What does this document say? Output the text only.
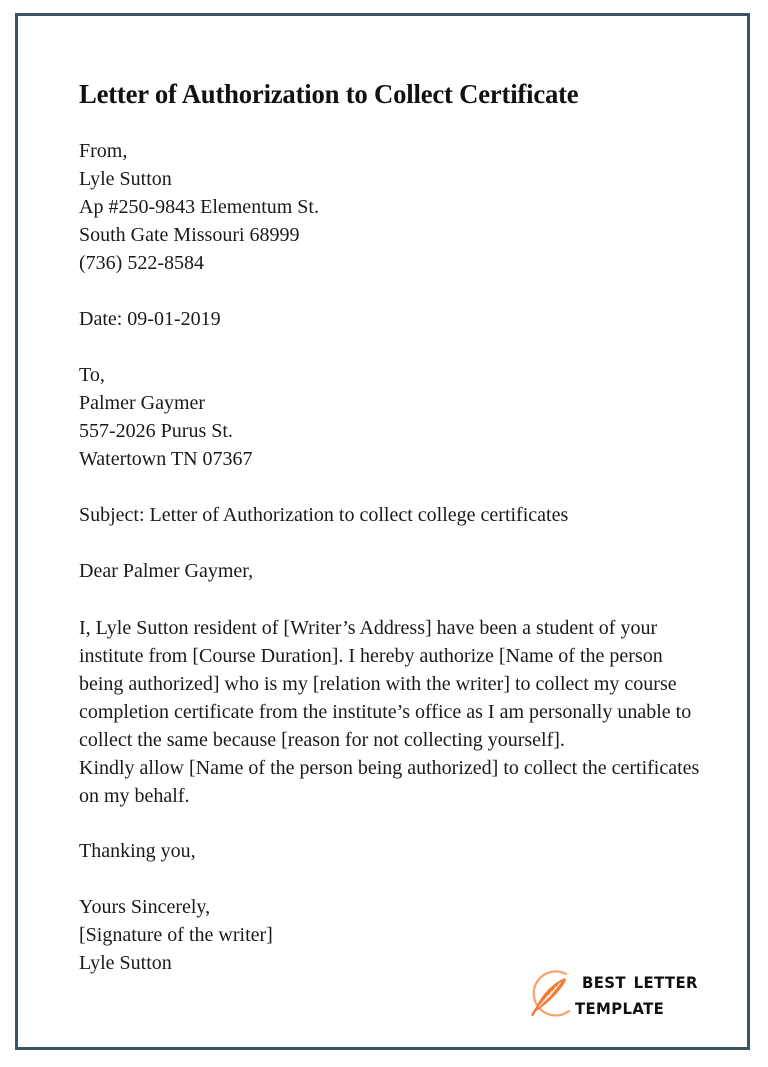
Letter of Authorization to Collect Certificate
From,
Lyle Sutton
Ap #250-9843 Elementum St.
South Gate Missouri 68999
(736) 522-8584
Date: 09-01-2019
To,
Palmer Gaymer
557-2026 Purus St.
Watertown TN 07367
Subject: Letter of Authorization to collect college certificates
Dear Palmer Gaymer,
I, Lyle Sutton resident of [Writer’s Address] have been a student of your institute from [Course Duration]. I hereby authorize [Name of the person being authorized] who is my [relation with the writer] to collect my course completion certificate from the institute’s office as I am personally unable to collect the same because [reason for not collecting yourself].
Kindly allow [Name of the person being authorized] to collect the certificates on my behalf.
Thanking you,
Yours Sincerely,
[Signature of the writer]
Lyle Sutton
best letter
template
